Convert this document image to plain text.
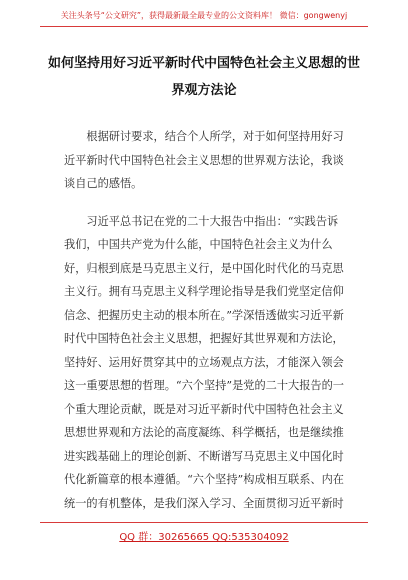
关注头条号“公文研究”，获得最新最全最专业的公文资料库！ 微信：gongwenyj
如何坚持用好习近平新时代中国特色社会主义思想的世界观方法论

根据研讨要求，结合个人所学，对于如何坚持用好习近平新时代中国特色社会主义思想的世界观方法论，我谈谈自己的感悟。

习近平总书记在党的二十大报告中指出：“实践告诉我们，中国共产党为什么能，中国特色社会主义为什么好，归根到底是马克思主义行，是中国化时代化的马克思主义行。拥有马克思主义科学理论指导是我们党坚定信仰信念、把握历史主动的根本所在。”学深悟透做实习近平新时代中国特色社会主义思想，把握好其世界观和方法论，坚持好、运用好贯穿其中的立场观点方法，才能深入领会这一重要思想的哲理。“六个坚持”是党的二十大报告的一个重大理论贡献，既是对习近平新时代中国特色社会主义思想世界观和方法论的高度凝练、科学概括，也是继续推进实践基础上的理论创新、不断谱写马克思主义中国化时代化新篇章的根本遵循。“六个坚持”构成相互联系、内在统一的有机整体，是我们深入学习、全面贯彻习近平新时

QQ 群：30265665 QQ:535304092
